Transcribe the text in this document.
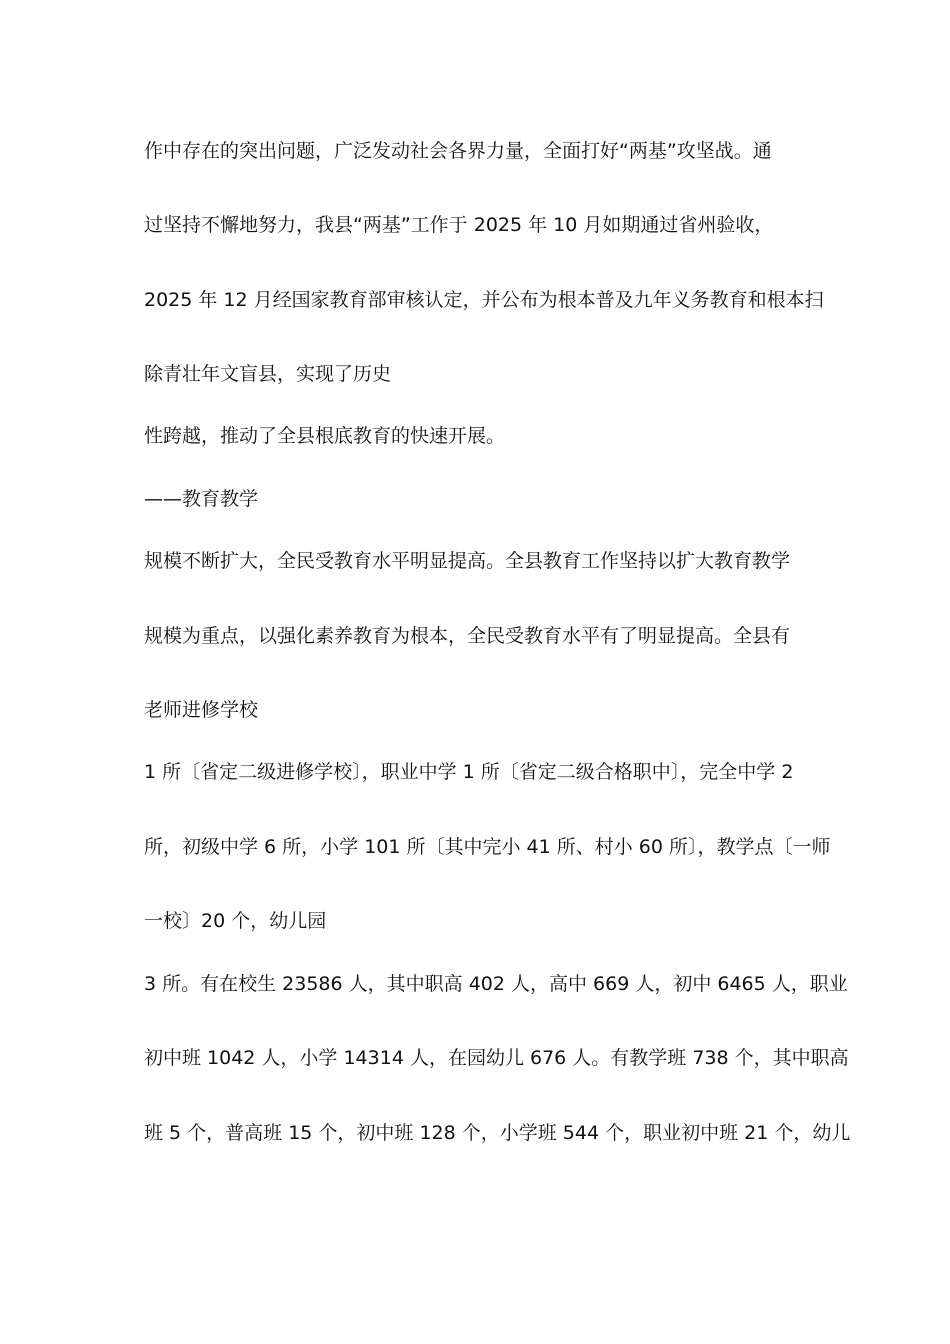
作中存在的突出问题，广泛发动社会各界力量，全面打好“两基”攻坚战。通
过坚持不懈地努力，我县“两基”工作于 2025 年 10 月如期通过省州验收，
2025 年 12 月经国家教育部审核认定，并公布为根本普及九年义务教育和根本扫
除青壮年文盲县，实现了历史
性跨越，推动了全县根底教育的快速开展。
——教育教学
规模不断扩大，全民受教育水平明显提高。全县教育工作坚持以扩大教育教学
规模为重点，以强化素养教育为根本，全民受教育水平有了明显提高。全县有
老师进修学校
1 所〔省定二级进修学校〕，职业中学 1 所〔省定二级合格职中〕，完全中学 2
所，初级中学 6 所，小学 101 所〔其中完小 41 所、村小 60 所〕，教学点〔一师
一校〕20 个，幼儿园
3 所。有在校生 23586 人，其中职高 402 人，高中 669 人，初中 6465 人，职业
初中班 1042 人，小学 14314 人，在园幼儿 676 人。有教学班 738 个，其中职高
班 5 个，普高班 15 个，初中班 128 个，小学班 544 个，职业初中班 21 个，幼儿
